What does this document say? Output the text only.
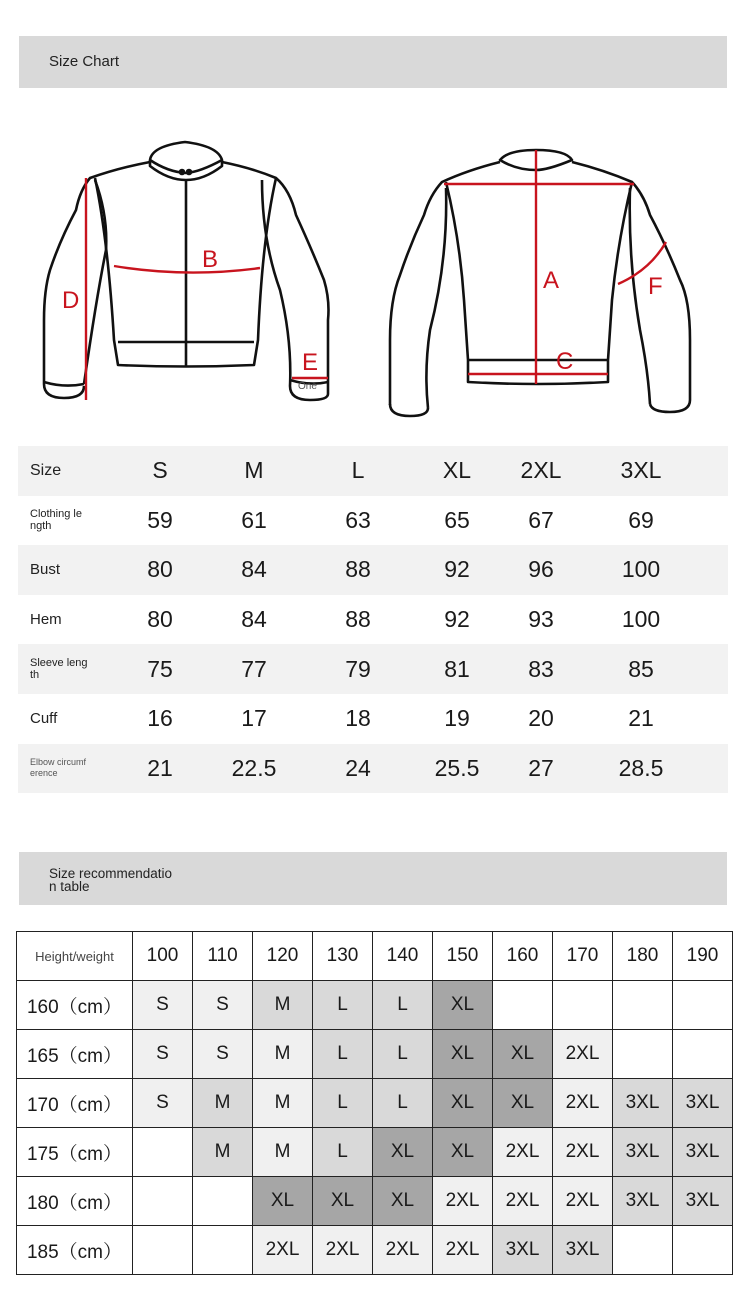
Size Chart
D
B
E
One
A
C
F
Size	S	M	L	XL	2XL	3XL
Clothing length	59	61	63	65	67	69
Bust	80	84	88	92	96	100
Hem	80	84	88	92	93	100
Sleeve length	75	77	79	81	83	85
Cuff	16	17	18	19	20	21
Elbow circumference	21	22.5	24	25.5	27	28.5
Size recommendation table
Height/weight	100	110	120	130	140	150	160	170	180	190
160（cm）	S	S	M	L	L	XL				
165（cm）	S	S	M	L	L	XL	XL	2XL		
170（cm）	S	M	M	L	L	XL	XL	2XL	3XL	3XL
175（cm）		M	M	L	XL	XL	2XL	2XL	3XL	3XL
180（cm）			XL	XL	XL	2XL	2XL	2XL	3XL	3XL
185（cm）			2XL	2XL	2XL	2XL	3XL	3XL		
